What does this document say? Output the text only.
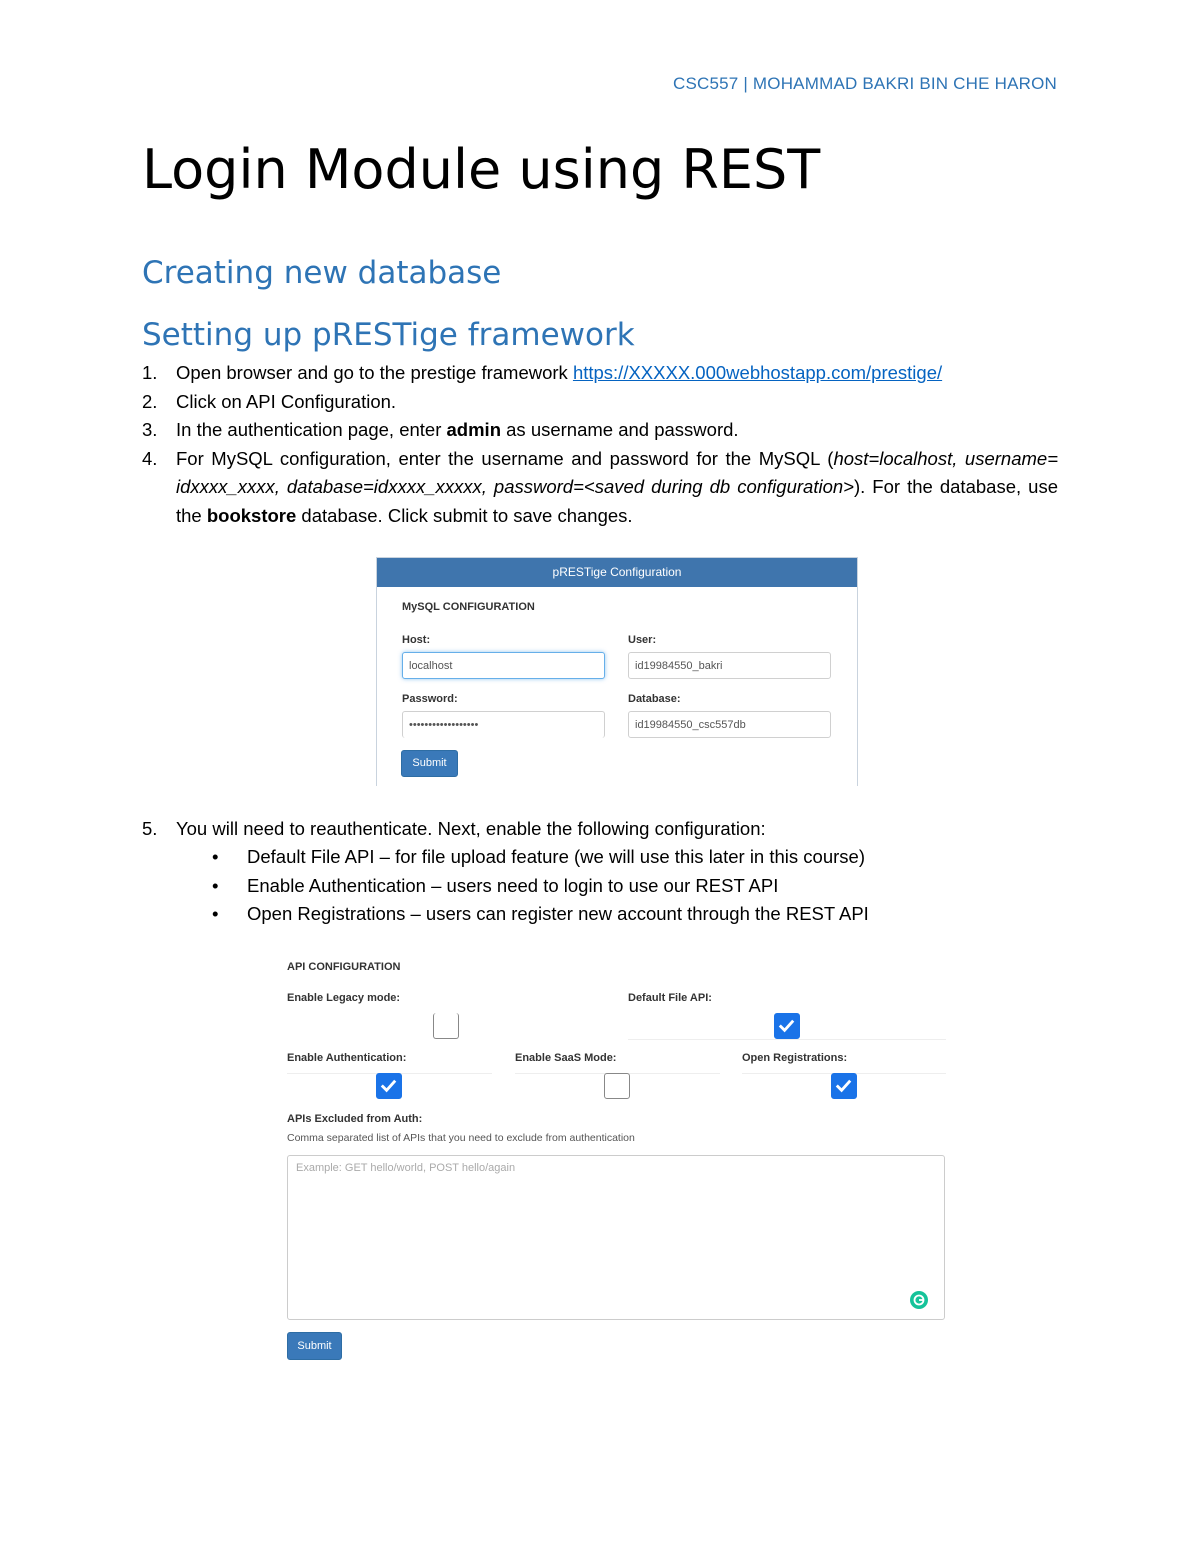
CSC557 | MOHAMMAD BAKRI BIN CHE HARON
Login Module using REST
Creating new database
Setting up pRESTige framework
1. Open browser and go to the prestige framework https://XXXXX.000webhostapp.com/prestige/
2. Click on API Configuration.
3. In the authentication page, enter admin as username and password.
4. For MySQL configuration, enter the username and password for the MySQL (host=localhost, username= idxxxx_xxxx, database=idxxxx_xxxxx, password=<saved during db configuration>). For the database, use the bookstore database. Click submit to save changes.
pRESTige Configuration
MySQL CONFIGURATION
Host:
localhost
User:
id19984550_bakri
Password:
••••••••••••••••••
Database:
id19984550_csc557db
Submit
5. You will need to reauthenticate. Next, enable the following configuration:
• Default File API – for file upload feature (we will use this later in this course)
• Enable Authentication – users need to login to use our REST API
• Open Registrations – users can register new account through the REST API
API CONFIGURATION
Enable Legacy mode:	Default File API:
Enable Authentication:	Enable SaaS Mode:	Open Registrations:
APIs Excluded from Auth:
Comma separated list of APIs that you need to exclude from authentication
Example: GET hello/world, POST hello/again
Submit
